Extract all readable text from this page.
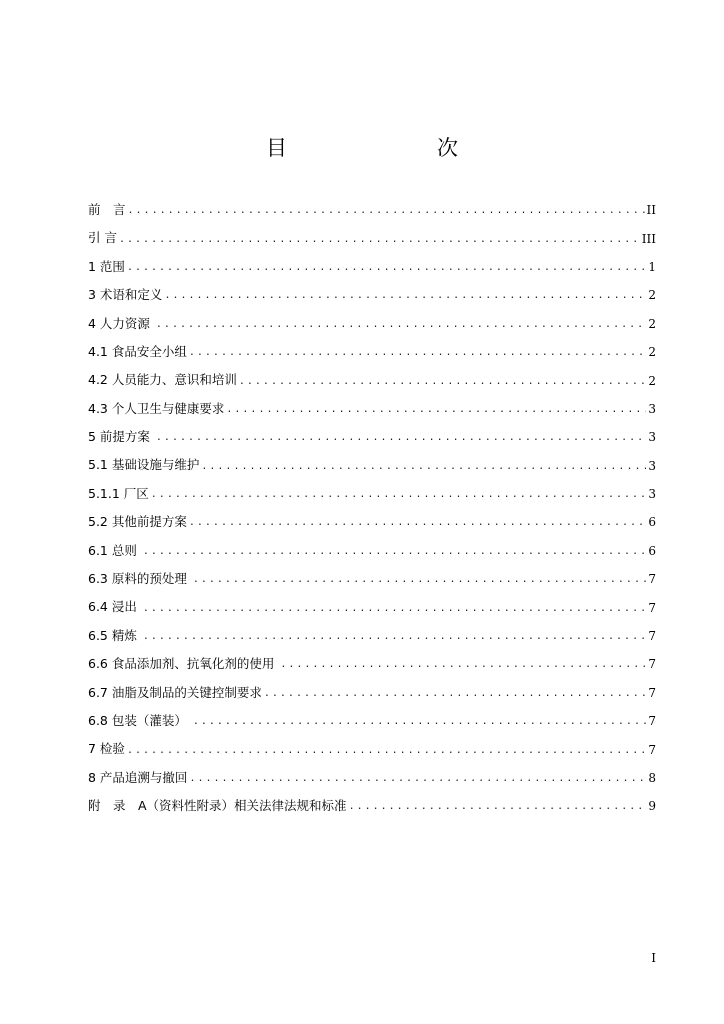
目　　次
前　言 .....	II
引 言 .....	III
1 范围 .....	1
3 术语和定义 .....	2
4 人力资源 .....	2
4.1 食品安全小组 .....	2
4.2 人员能力、意识和培训 .....	2
4.3 个人卫生与健康要求 .....	3
5 前提方案 .....	3
5.1 基础设施与维护 .....	3
5.1.1 厂区 .....	3
5.2 其他前提方案 .....	6
6.1 总则 .....	6
6.3 原料的预处理 .....	7
6.4 浸出 .....	7
6.5 精炼 .....	7
6.6 食品添加剂、抗氧化剂的使用 .....	7
6.7 油脂及制品的关键控制要求 .....	7
6.8 包装（灌装） .....	7
7 检验 .....	7
8 产品追溯与撤回 .....	8
附　录　A（资料性附录）相关法律法规和标准 .....	9
I
